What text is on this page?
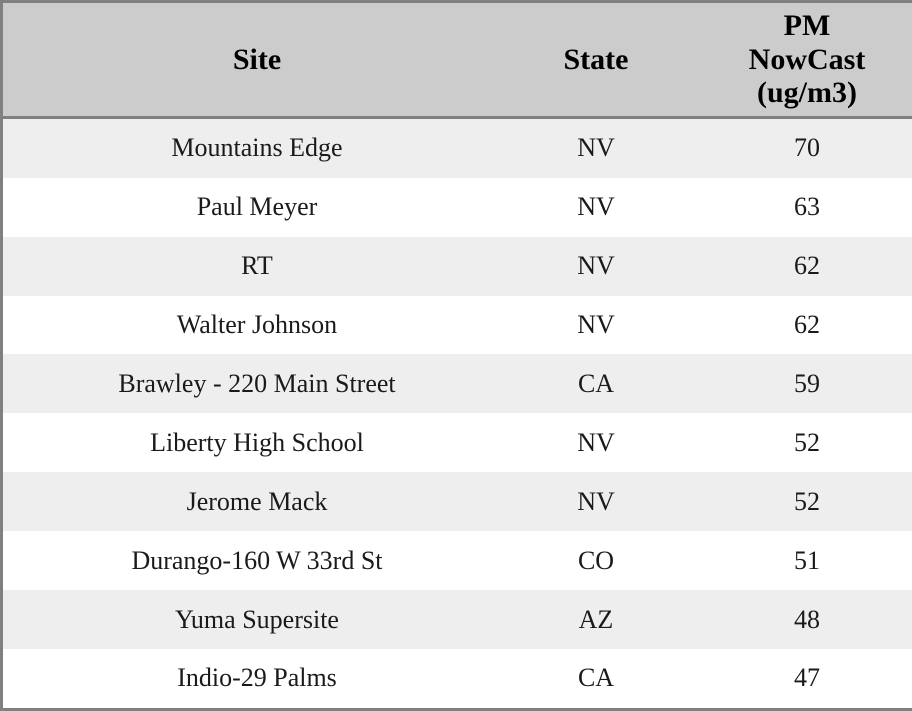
Site	State	PM
NowCast
(ug/m3)

Mountains Edge	NV	70
Paul Meyer	NV	63
RT	NV	62
Walter Johnson	NV	62
Brawley - 220 Main Street	CA	59
Liberty High School	NV	52
Jerome Mack	NV	52
Durango-160 W 33rd St	CO	51
Yuma Supersite	AZ	48
Indio-29 Palms	CA	47
